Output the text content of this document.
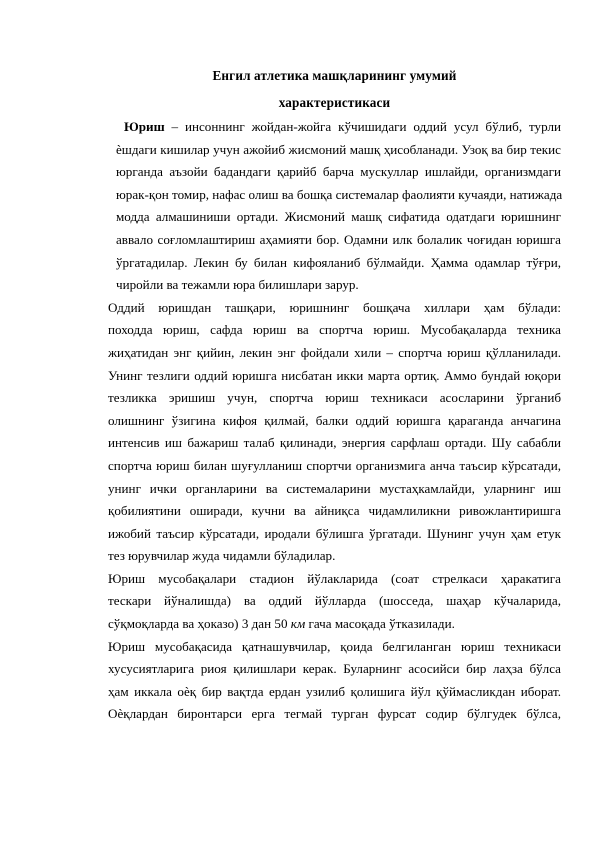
Енгил атлетика машқларининг умумий
характеристикаси
Юриш – инсоннинг жойдан-жойга кўчишидаги оддий усул бўлиб, турли
ѐшдаги кишилар учун ажойиб жисмоний машқ ҳисобланади. Узоқ ва бир текис
юрганда аъзойи бадандаги қарийб барча мускуллар ишлайди, организмдаги
юрак-қон томир, нафас олиш ва бошқа системалар фаолияти кучаяди, натижада
модда алмашиниши ортади. Жисмоний машқ сифатида одатдаги юришнинг
аввало соғломлаштириш аҳамияти бор. Одамни илк болалик чоғидан юришга
ўргатадилар. Лекин бу билан кифояланиб бўлмайди. Ҳамма одамлар тўғри,
чиройли ва тежамли юра билишлари зарур.
Оддий юришдан ташқари, юришнинг бошқача хиллари ҳам бўлади:
походда юриш, сафда юриш ва спортча юриш. Мусобақаларда техника
жиҳатидан энг қийин, лекин энг фойдали хили – спортча юриш қўлланилади.
Унинг тезлиги оддий юришга нисбатан икки марта ортиқ. Аммо бундай юқори
тезликка эришиш учун, спортча юриш техникаси асосларини ўрганиб
олишнинг ўзигина кифоя қилмай, балки оддий юришга қараганда анчагина
интенсив иш бажариш талаб қилинади, энергия сарфлаш ортади. Шу сабабли
спортча юриш билан шуғулланиш спортчи организмига анча таъсир кўрсатади,
унинг ички органларини ва системаларини мустаҳкамлайди, уларнинг иш
қобилиятини оширади, кучни ва айниқса чидамлиликни ривожлантиришга
ижобий таъсир кўрсатади, иродали бўлишга ўргатади. Шунинг учун ҳам етук
тез юрувчилар жуда чидамли бўладилар.
Юриш мусобақалари стадион йўлакларида (соат стрелкаси ҳаракатига
тескари йўналишда) ва оддий йўлларда (шосседа, шаҳар кўчаларида,
сўқмоқларда ва ҳоказо) 3 дан 50 км гача масоқада ўтказилади.
Юриш мусобақасида қатнашувчилар, қоида белгиланган юриш техникаси
хусусиятларига риоя қилишлари керак. Буларнинг асосийси бир лаҳза бўлса
ҳам иккала оѐқ бир вақтда ердан узилиб қолишига йўл қўймасликдан иборат.
Оѐқлардан биронтарси ерга тегмай турган фурсат содир бўлгудек бўлса,
